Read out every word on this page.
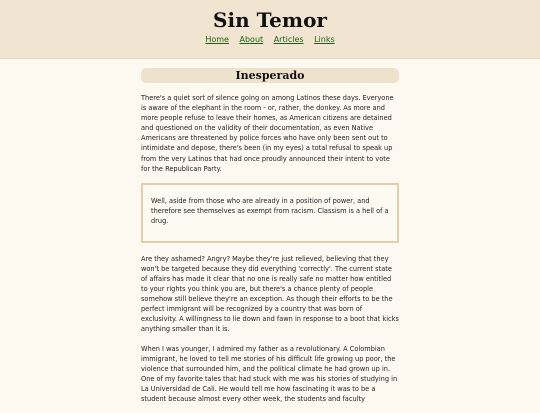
Sin Temor
Home About Articles Links
Inesperado

There's a quiet sort of silence going on among Latinos these days. Everyone is aware of the elephant in the room - or, rather, the donkey. As more and more people refuse to leave their homes, as American citizens are detained and questioned on the validity of their documentation, as even Native Americans are threatened by police forces who have only been sent out to intimidate and depose, there's been (in my eyes) a total refusal to speak up from the very Latinos that had once proudly announced their intent to vote for the Republican Party.

Well, aside from those who are already in a position of power, and therefore see themselves as exempt from racism. Classism is a hell of a drug.

Are they ashamed? Angry? Maybe they're just relieved, believing that they won't be targeted because they did everything 'correctly'. The current state of affairs has made it clear that no one is really safe no matter how entitled to your rights you think you are, but there's a chance plenty of people somehow still believe they're an exception. As though their efforts to be the perfect immigrant will be recognized by a country that was born of exclusivity. A willingness to lie down and fawn in response to a boot that kicks anything smaller than it is.

When I was younger, I admired my father as a revolutionary. A Colombian immigrant, he loved to tell me stories of his difficult life growing up poor, the violence that surrounded him, and the political climate he had grown up in. One of my favorite tales that had stuck with me was his stories of studying in La Universidad de Cali. He would tell me how fascinating it was to be a student because almost every other week, the students and faculty
